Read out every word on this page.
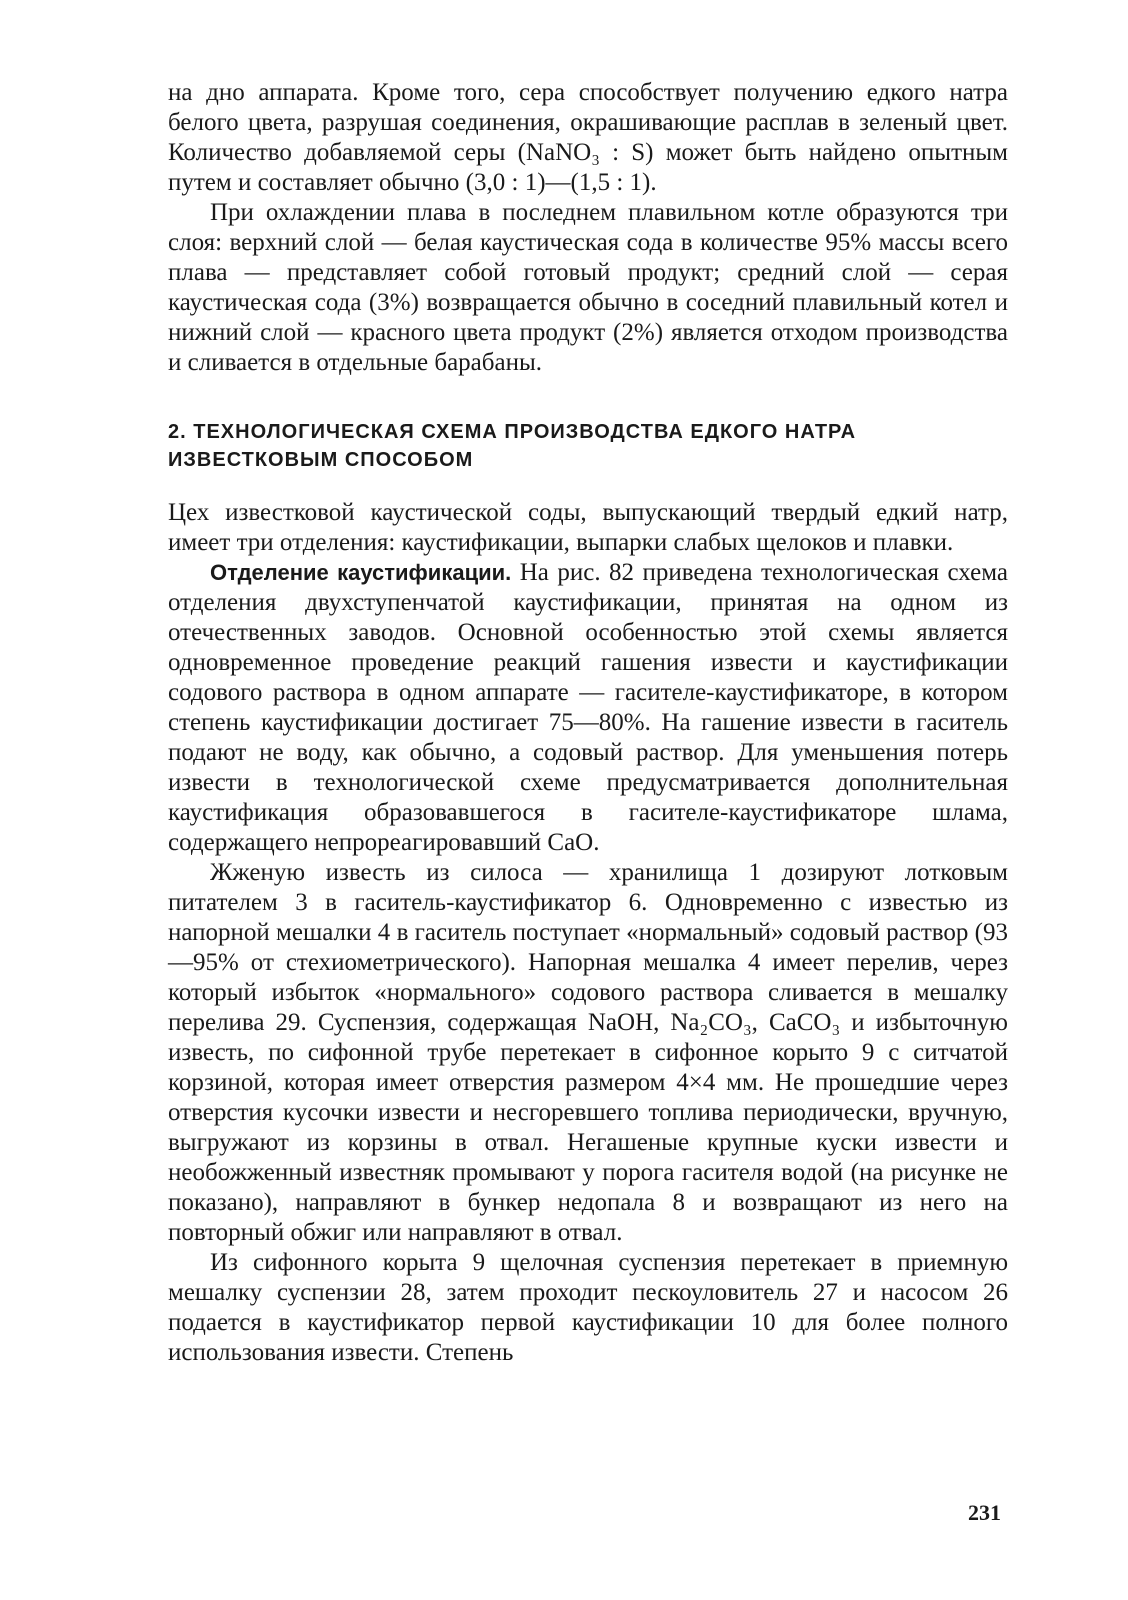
на дно аппарата. Кроме того, сера способствует получению едкого натра белого цвета, разрушая соединения, окрашивающие расплав в зеленый цвет. Количество добавляемой серы (NaNO₃ : S) может быть найдено опытным путем и составляет обычно (3,0 : 1)—(1,5 : 1).

При охлаждении плава в последнем плавильном котле образуются три слоя: верхний слой — белая каустическая сода в количестве 95% массы всего плава — представляет собой готовый продукт; средний слой — серая каустическая сода (3%) возвращается обычно в соседний плавильный котел и нижний слой — красного цвета продукт (2%) является отходом производства и сливается в отдельные барабаны.

2. ТЕХНОЛОГИЧЕСКАЯ СХЕМА ПРОИЗВОДСТВА ЕДКОГО НАТРА ИЗВЕСТКОВЫМ СПОСОБОМ

Цех известковой каустической соды, выпускающий твердый едкий натр, имеет три отделения: каустификации, выпарки слабых щелоков и плавки.

Отделение каустификации. На рис. 82 приведена технологическая схема отделения двухступенчатой каустификации, принятая на одном из отечественных заводов. Основной особенностью этой схемы является одновременное проведение реакций гашения извести и каустификации содового раствора в одном аппарате — гасителе-каустификаторе, в котором степень каустификации достигает 75—80%. На гашение извести в гаситель подают не воду, как обычно, а содовый раствор. Для уменьшения потерь извести в технологической схеме предусматривается дополнительная каустификация образовавшегося в гасителе-каустификаторе шлама, содержащего непрореагировавший CaO.

Жженую известь из силоса — хранилища 1 дозируют лотковым питателем 3 в гаситель-каустификатор 6. Одновременно с известью из напорной мешалки 4 в гаситель поступает «нормальный» содовый раствор (93—95% от стехиометрического). Напорная мешалка 4 имеет перелив, через который избыток «нормального» содового раствора сливается в мешалку перелива 29. Суспензия, содержащая NaOH, Na₂CO₃, CaCO₃ и избыточную известь, по сифонной трубе перетекает в сифонное корыто 9 с ситчатой корзиной, которая имеет отверстия размером 4×4 мм. Не прошедшие через отверстия кусочки извести и несгоревшего топлива периодически, вручную, выгружают из корзины в отвал. Негашеные крупные куски извести и необожженный известняк промывают у порога гасителя водой (на рисунке не показано), направляют в бункер недопала 8 и возвращают из него на повторный обжиг или направляют в отвал.

Из сифонного корыта 9 щелочная суспензия перетекает в приемную мешалку суспензии 28, затем проходит пескоуловитель 27 и насосом 26 подается в каустификатор первой каустификации 10 для более полного использования извести. Степень

231
